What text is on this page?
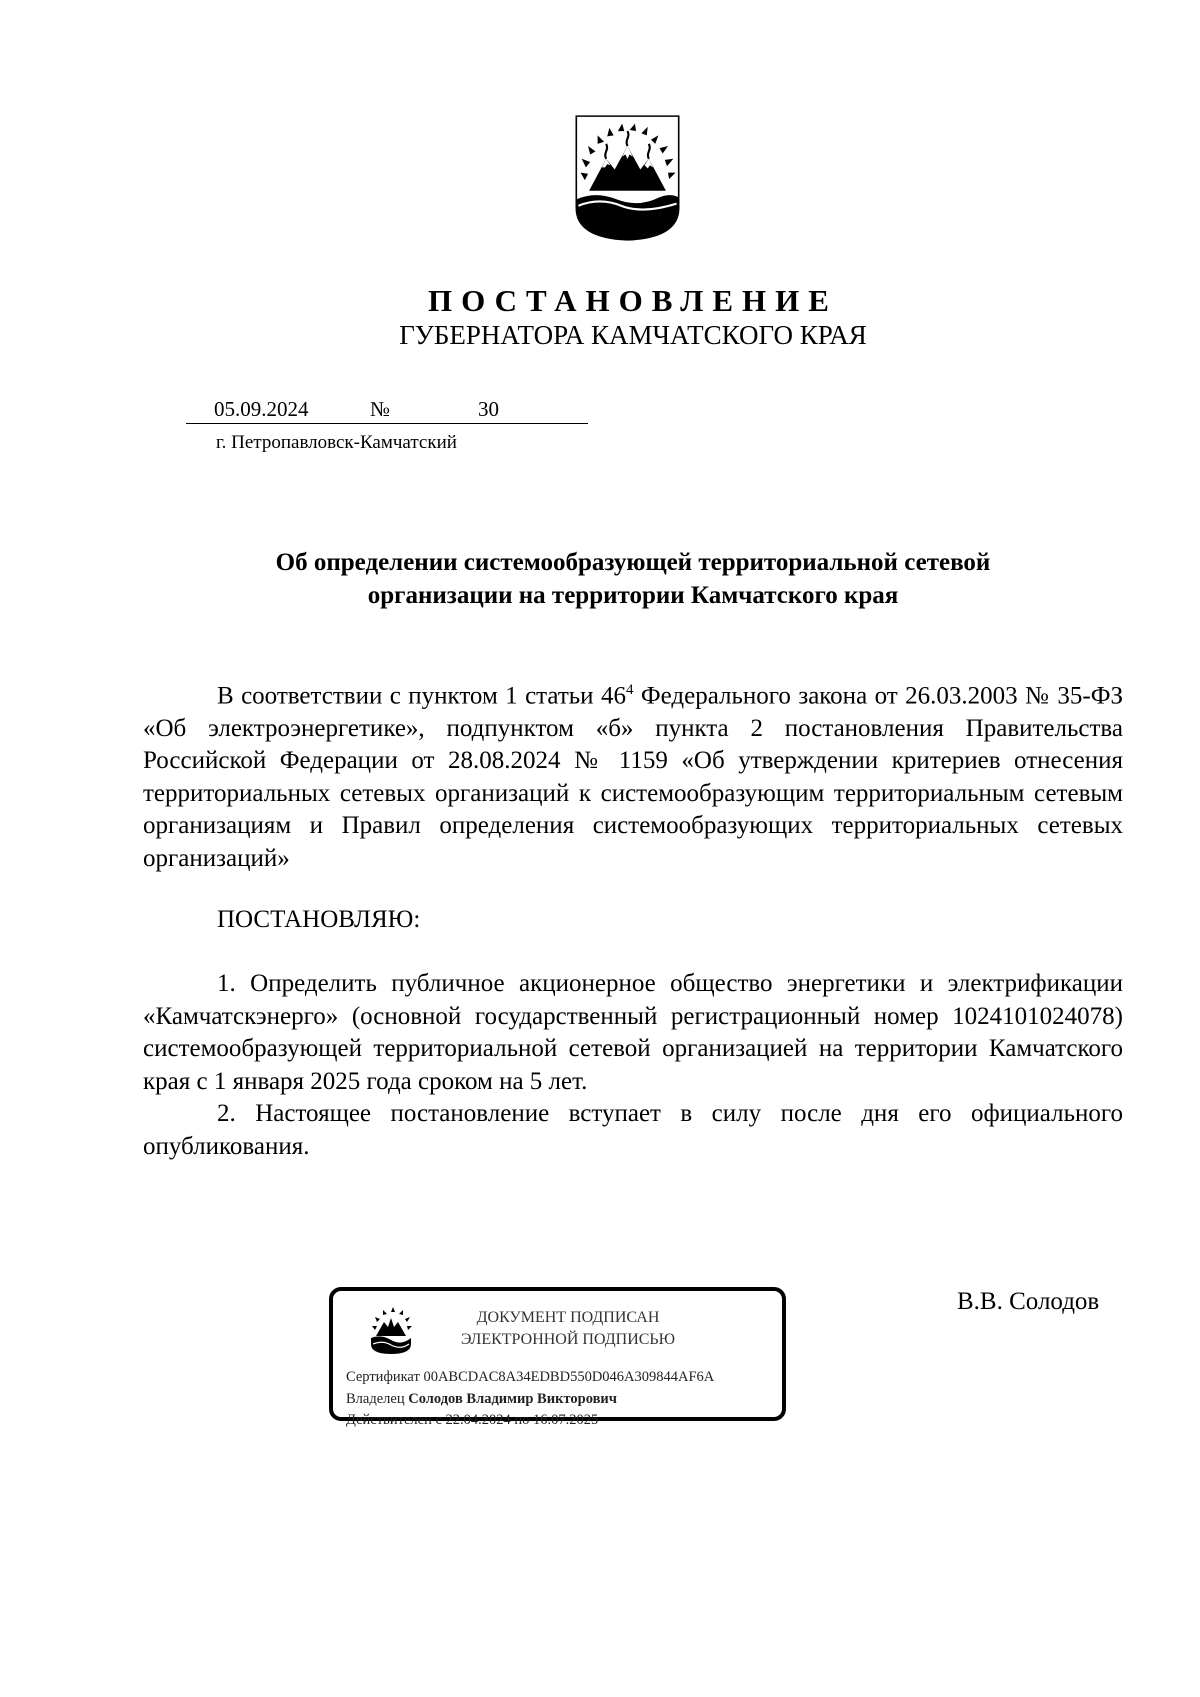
ПОСТАНОВЛЕНИЕ
ГУБЕРНАТОРА КАМЧАТСКОГО КРАЯ
05.09.2024	№	30
г. Петропавловск-Камчатский
Об определении системообразующей территориальной сетевой
организации на территории Камчатского края

В соответствии с пунктом 1 статьи $46^4$ Федерального закона от 26.03.2003 № 35-ФЗ «Об электроэнергетике», подпунктом «б» пункта 2 постановления Правительства Российской Федерации от 28.08.2024 № 1159 «Об утверждении критериев отнесения территориальных сетевых организаций к системообразующим территориальным сетевым организациям и Правил определения системообразующих территориальных сетевых организаций»

ПОСТАНОВЛЯЮ:

1. Определить публичное акционерное общество энергетики и электрификации «Камчатскэнерго» (основной государственный регистрационный номер 1024101024078) системообразующей территориальной сетевой организацией на территории Камчатского края с 1 января 2025 года сроком на 5 лет.

2. Настоящее постановление вступает в силу после дня его официального опубликования.

ДОКУМЕНТ ПОДПИСАН
ЭЛЕКТРОННОЙ ПОДПИСЬЮ
Сертификат 00ABCDAC8A34EDBD550D046A309844AF6A
Владелец Солодов Владимир Викторович
Действителен с 22.04.2024 по 16.07.2025
В.В. Солодов
